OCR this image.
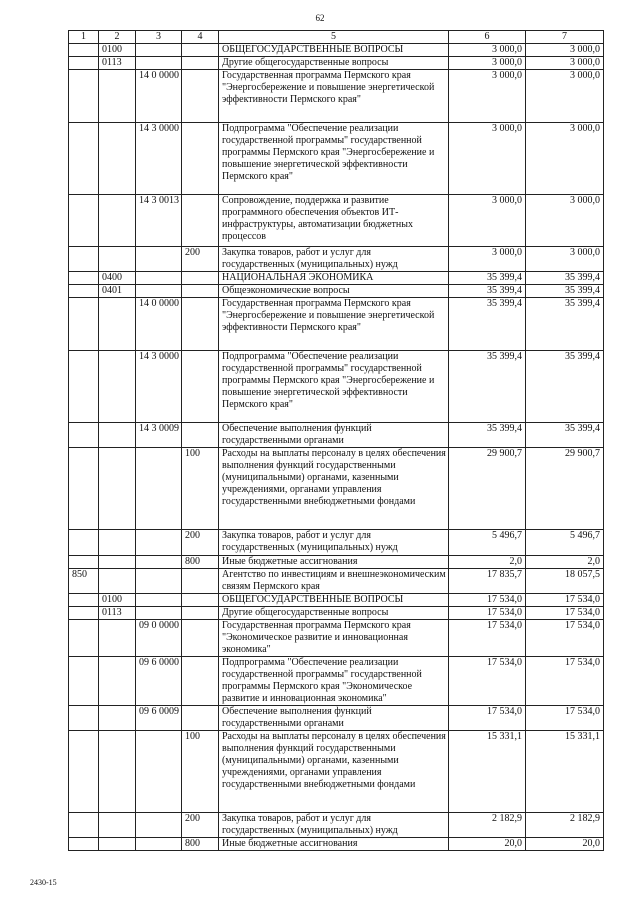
62
1	2	3	4	5	6	7
	0100			ОБЩЕГОСУДАРСТВЕННЫЕ ВОПРОСЫ	3 000,0	3 000,0
	0113			Другие общегосударственные вопросы	3 000,0	3 000,0
		14 0 0000		Государственная программа Пермского края "Энергосбережение и повышение энергетической эффективности Пермского края"	3 000,0	3 000,0
		14 3 0000		Подпрограмма "Обеспечение реализации государственной программы" государственной программы Пермского края "Энергосбережение и повышение энергетической эффективности Пермского края"	3 000,0	3 000,0
		14 3 0013		Сопровождение, поддержка и развитие программного обеспечения объектов ИТ-инфраструктуры, автоматизации бюджетных процессов	3 000,0	3 000,0
			200	Закупка товаров, работ и услуг для государственных (муниципальных) нужд	3 000,0	3 000,0
	0400			НАЦИОНАЛЬНАЯ ЭКОНОМИКА	35 399,4	35 399,4
	0401			Общеэкономические вопросы	35 399,4	35 399,4
		14 0 0000		Государственная программа Пермского края "Энергосбережение и повышение энергетической эффективности Пермского края"	35 399,4	35 399,4
		14 3 0000		Подпрограмма "Обеспечение реализации государственной программы" государственной программы Пермского края "Энергосбережение и повышение энергетической эффективности Пермского края"	35 399,4	35 399,4
		14 3 0009		Обеспечение выполнения функций государственными органами	35 399,4	35 399,4
			100	Расходы на выплаты персоналу в целях обеспечения выполнения функций государственными (муниципальными) органами, казенными учреждениями, органами управления государственными внебюджетными фондами	29 900,7	29 900,7
			200	Закупка товаров, работ и услуг для государственных (муниципальных) нужд	5 496,7	5 496,7
			800	Иные бюджетные ассигнования	2,0	2,0
850				Агентство по инвестициям и внешнеэкономическим связям Пермского края	17 835,7	18 057,5
	0100			ОБЩЕГОСУДАРСТВЕННЫЕ ВОПРОСЫ	17 534,0	17 534,0
	0113			Другие общегосударственные вопросы	17 534,0	17 534,0
		09 0 0000		Государственная программа Пермского края "Экономическое развитие и инновационная экономика"	17 534,0	17 534,0
		09 6 0000		Подпрограмма "Обеспечение реализации государственной программы" государственной программы Пермского края "Экономическое развитие и инновационная экономика"	17 534,0	17 534,0
		09 6 0009		Обеспечение выполнения функций государственными органами	17 534,0	17 534,0
			100	Расходы на выплаты персоналу в целях обеспечения выполнения функций государственными (муниципальными) органами, казенными учреждениями, органами управления государственными внебюджетными фондами	15 331,1	15 331,1
			200	Закупка товаров, работ и услуг для государственных (муниципальных) нужд	2 182,9	2 182,9
			800	Иные бюджетные ассигнования	20,0	20,0
2430-15
